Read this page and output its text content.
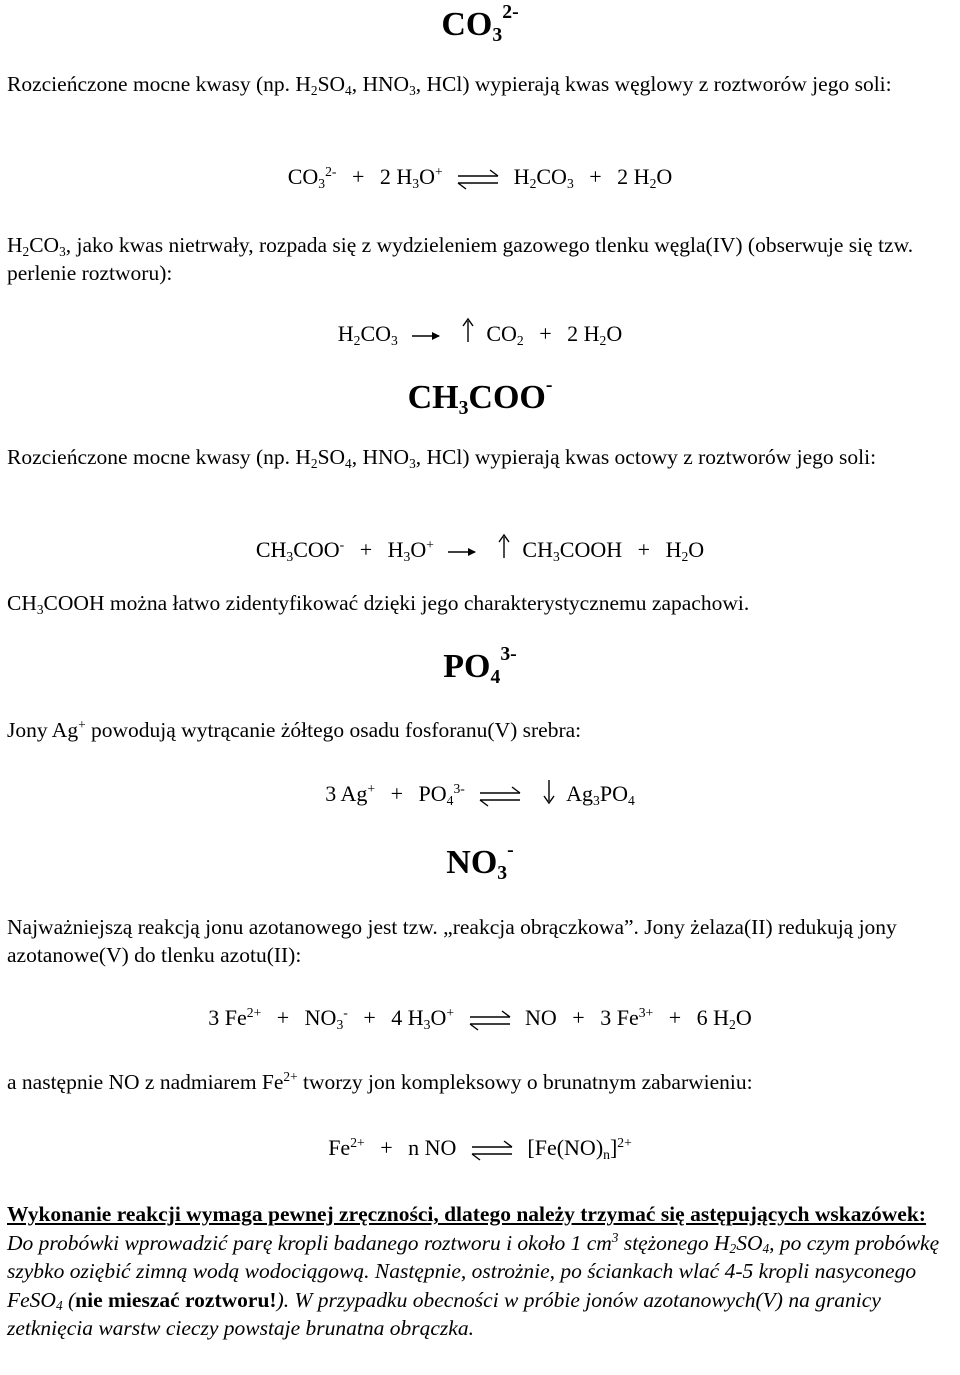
$CO_3^{2-}$
Rozcieńczone mocne kwasy (np. $H_2SO_4$, $HNO_3$, HCl) wypierają kwas węglowy z roztworów jego soli:
$CO_3^{2-} + 2$ $H_3O^+$ ⇌ $H_2CO_3 + 2$ $H_2O$
$H_2CO_3$, jako kwas nietrwały, rozpada się z wydzieleniem gazowego tlenku węgla(IV) (obserwuje się tzw. perlenie roztworu):
$H_2CO_3 \to CO_2 + 2$ $H_2O$
$CH_3COO^-$
Rozcieńczone mocne kwasy (np. $H_2SO_4$, $HNO_3$, HCl) wypierają kwas octowy z roztworów jego soli:
$CH_3COO^- + H_3O^+$	$CH_3COOH + H_2O$
$CH_3COOH$ można łatwo zidentyfikować dzięki jego charakterystycznemu zapachowi.
$PO_4^{3-}$
Jony Ag+ powodują wytrącanie żółtego osadu fosforanu(V) srebra:
3 $Ag^+ + PO_4^{3-}$ ⇌ $Ag_3PO_4$
$NO_3^-$
Najważniejszą reakcją jonu azotanowego jest tzw. „reakcja obrączkowa”. Jony żelaza(II) redukują jony azotanowe(V) do tlenku azotu(II):
3 $Fe^{2+} + NO_3^- + 4$ $H_3O^+$ ⇌ NO + 3 $Fe^{3+} + 6$ $H_2O$
a następnie NO z nadmiarem $Fe^{2+}$ tworzy jon kompleksowy o brunatnym zabarwieniu:
$Fe^{2+} + n$ NO ⇌ $[Fe(NO)_n]^{2+}$
Wykonanie reakcji wymaga pewnej zręczności, dlatego należy trzymać się astępujących wskazówek:
Do probówki wprowadzić parę kropli badanego roztworu i około 1 $cm^3$ stężonego $H_2SO_4$, po czym probówkę szybko oziębić zimną wodą wodociągową. Następnie, ostrożnie, po ściankach wlać 4-5 kropli nasyconego FeSO$_4$ (nie mieszać roztworu!). W przypadku obecności w próbie jonów azotanowych(V) na granicy zetknięcia warstw cieczy powstaje brunatna obrączka.
